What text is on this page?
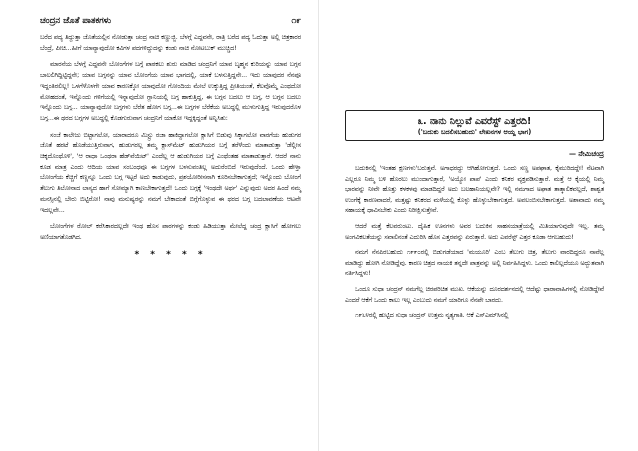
ಚಂದ್ರನ ಜೊತೆ ಪಾತಕಗಳು	೧೯

ಬರೆದ ಪದ್ಯ ತಿದ್ದುತ್ತಾ ಜೊತೆಯಲ್ಲಿನ ನೋಡುತ್ತಾ ಚಂದ್ರ ನಾಚಿ ಕಣ್ಣುಜ್ಜಿ. ಬೆಳಗ್ಗೆ ಎದ್ದವನೇ, ರಾತ್ರಿ ಬರೆದ ಪದ್ಯ ಓದುತ್ತಾ ಅಲ್ಲಿ ಚಿತ್ರಕಾರರ ಬೆಂದ್ರೆ, ಪೀಚಿ...ಹೀಗೆ ಯಾವ್ಯಾವುದೋ ಕವಿಗಳ ಪದಗಳಿದ್ದುದನ್ನು ಕಂಡು ನಾಚಿ ನೋಟಬುಕ್ ಮುಚ್ಚಿದ!

ಮಾರನೆಯ ಬೆಳಗ್ಗೆ ಎದ್ದವನೇ ಬೋಂಗೆಗಳ ಬಗ್ಗೆ ಪಾಠಕಲು ಶುರು ಮಾಡಿದ ಚಂದ್ರನಿಗೆ ಯಾವ ಬೃಹ್ಮನ ಕುರಿಯನ್ನು ಯಾವ ಬಗ್ಗನ ಬಾಲಲಿಗಿದ್ದಿಟ್ಟಿದ್ದನೇ; ಯಾವ ಬಗ್ಗನನ್ನು ಯಾವ ಬೋಂಗೆಯ ಯಾವ ಭಾಗದಲ್ಲಿ, ಯಾಕೆ ಬಳಸುತ್ತಿದ್ದನೇ... ಇದು ಯಾವುದರ ನೆನಪೂ ಇದ್ದಂತಿರಲಿಲ್ಲ! ಒಳಗೆಳೊಳಗೇ ಯಾವ ಕಾರಣಕ್ಕೋ ಯಾವುದೋ ಗೋಂದಿಯ ಮೇಲೆ ಉಕ್ಕುತ್ತಿದ್ದ ಪ್ರೀತಿಯಂತೆ, ಕೆಲವೊಮ್ಮೆ ಎಂಥದೋ ಮೋಹದಂತೆ, ಇನ್ನೊಂದು ಗಳಿಗೆಯಲ್ಲಿ ಇನ್ನಾವುದೋ ಗ್ಲಾನಿಯಲ್ಲಿ ಬಗ್ಗ ಹಾಕುತ್ತಿದ್ದ, ಈ ಬಗ್ಗನ ಬದಲು ಆ ಬಗ್ಗ, ಆ ಬಗ್ಗನ ಬದಲು ಇನ್ನೊಂದು ಬಗ್ಗ... ಯಾವ್ಯಾವುದೋ ಬಗ್ಗಗಳು ಬೆರೆತ ಹೋಗ ಬಗ್ಗ...ಈ ಬಗ್ಗಗಳ ಬೆರೆಕೆಯ ಅಬದ್ಧಲ್ಲಿ ಮುಳುಗುತ್ತಿದ್ದ ಇರುವುದರೊಳ ಬಗ್ಗ...ಈ ಥರದ ಬಗ್ಗಗಳ ಅಬದ್ಧಲ್ಲಿ ಕೊಡಗುರುವಾಗ ಚಂದ್ರನಿಗೆ ಯಾಕೋ ಇದ್ದಕ್ಕಿದ್ದಂತೆ ಅನ್ನಿಸಿತು:

ಸಂಜೆ ಕಾಲೇಜು ಬಿಟ್ಟಾಗಲೋ, ಯಾರಾದರೂ ಮಿಸ್ಟ್ರು ರಜಾ ಹಾಕಿದ್ದಾಗಲೋ ಕ್ಲಾಸಿಗೆ ಬಿಡುವು ಸಿಕ್ಕಾಗಲೋ ವಾರಗೆಯ ಹುಡುಗರ ಜೊತೆ ಹರಟೆ ಹೊಡೆಯುತ್ತಿರುವಾಗ, ಹುಡುಗರಲ್ಲ ತಮ್ಮ ಕ್ಲಾಸ್‌ಮೆಟ್ ಹುಡುಗಿಯರ ಬಗ್ಗೆ ತರೆಳೆಂದು ಮಾತಾಡುತ್ತಾ 'ಡೆಲ್ಲೀಸ ಚಿಕ್ಕದೊಂಥೊಳಿ', 'ಆ ರಾಧಾ ಒಂಥರಾ ಹೆಡ್‌ವೆಯಿಟ್' ಎಂದೆಲ್ಲ ಆ ಹುಡುಗಿಯರ ಬಗ್ಗೆ ಎಂಥೆಂತಹ ಮಾತಾಡುತ್ತಾರೆ. ಆದರೆ ನಾನು ಕೂಡ ಮಾತ್ರ ಎಂದು ಆದಿಯ ಯಾವ ಸಂಬಂಧವೂ ಈ ಬಗ್ಗಗಳ ಬಳಸುವಂತಿಲ್ಲ ಅದುರೆಂಬಿದೆ ಇರುವುದೆಂದೆ. ಒಂದು ಹೇಳ್ತಾ ಬೋಂಗೆಯ ಕೆಚ್ಚಿಗೆ ಕಣ್ಣನ್ನೂ ಒಂದು ಬಗ್ಗ ಇಟ್ಟರೆ ಅದು ಕಾಡುವುದು, ಪ್ರಶಯೋರೀಸನಾಗಿ ಕೂರಿಸಬೇಕಾಗುತ್ತದೆ; ಇನ್ನೊಂದು ಬೋಂಗೆ ತೆಲುಗು ತಿಲೋನಾದ ಲಾಸ್ಯದ ಹಾಗೆ ಸೋಮ್ಯಾಗಿ ಕಾಣಬೇಕಾಗುತ್ತದೆ! ಒಂದು ಬಗ್ಗಕ್ಕೆ 'ಇಂಥದೇ ಅರ್ಥ' ಎನ್ನುವುದು ಅದರ ಹಿಂದೆ ನಮ್ಮ ಮನಸ್ಸಿನಲ್ಲಿ ಬೇರು ಬಿಟ್ಟಿರೋ! ನಾವು ಮನುಷ್ಯರನ್ನು ನಮಗೆ ಬೇಕಾದಂತೆ ಬಿಗ್ಗೆಗೊಳ್ಳುವ ಈ ಥರದ ಬಗ್ಗ ಬದಲಾವಣೆಯ ಆಟವೇ ಇದಲ್ಲವೇ...

ಬೋಂಗೆಗಳ ರೋಲ್ ಕರೆಸಿಕಾರದಲ್ಲದೇ ಇಂಥ ಹೊಸ ಪಾಠಗಳನ್ನು ಕಂಡು ಹಿಡಿಯುತ್ತಾ ಮೇಲೆದ್ದ ಚಂದ್ರ ಕ್ಲಾಸಿಗೆ ಹೋಗಲು ಅಣಿಯಾಗತೊಡಗಿದ.

* * * * *
೩. ನಾನು ನಿಲ್ಲುವೆ ಎವರೆಸ್ಟ್ ಎತ್ತರದಿ!
('ಬದುಕು ಬದಲಿಸಬಹುದು' ಲೇಖನಗಳ ಆಯ್ದ ಭಾಗ)
— ನೇಮಿಚಂದ್ರ

ಬದುಕಿನಲ್ಲಿ 'ಇಂತಹ ಕ್ಷಣಗಳು'ಬರುತ್ತವೆ. ಅಗಾಧರದ್ದು ಆಗಿಹೋಗುತ್ತದೆ. ಒಂದು ಸಣ್ಣ ಅಪಘಾತ, ಕೈಮುರಿದದ್ದೇ! ನೆಟವಾಗಿ ಎಲ್ಲರೂ ನಿಮ್ಮ ಬಳಿ ಹೊರಲು ಮುಂದಾಗುತ್ತಾರೆ, 'ಅಯ್ಯೋ ಪಾಪ' ಎಂದು ಕನಿಕರ ವ್ಯಕ್ತಪಡಿಸುತ್ತಾರೆ. ಮತ್ತೆ ಆ ಕೈಯಲ್ಲಿ ನಿಮ್ಮ ಭಾರವನ್ನು ನೀವೇ ಹೊತ್ತು ಕಳಕಳವು ಮಾಡದಿದ್ದರೆ ಅದು ಬಲಹಾನಿಯಲ್ಲವೇ? ಇಲ್ಲಿ ನಮಗಾದ ಅಘಾತ ತಾತ್ಕಾಲಿಕವಲ್ಲದೆ, ಶಾಶ್ವತ ಉಂಗೆಕ್ಕೆ ಕಾರಣವಾದರೆ, ಮತ್ತಷ್ಟು ಕನಿಕರದ ಮಳೆಯಲ್ಲಿ ಕೊಳ್ಳು ಹೊಳ್ಳುಬೇಕಾಗುತ್ತದೆ. ಅವಲಂಬಿಸಬೇಕಾಗುತ್ತದೆ. ಅಶಾವಾದು ನಮ್ಮ ಸಹಾಯಕ್ಕೆ ಧಾವಿಸಬೇಕು ಎಂದು ನಿರೀಕ್ಷಿಸುತ್ತೇವೆ.

ಆದರೆ ಮತ್ತೆ ಕೆಲವರುಂಟು. ದೈಹಿಕ ಊನಗಳು ಅವರ ಬದುಕಿನ ಸಾಹಸಯಾತ್ರೆಯಲ್ಲಿ ಮಿತಿಯಾಗುವುದೇ ಇಲ್ಲ. ತಮ್ಮ ಅಂಗವಿಕಲತೆಯನ್ನು ಸವಾಲಿನಂತೆ ಎದುರಿಸಿ ಹೊಸ ಎತ್ತರವನ್ನು ಏರುತ್ತಾರೆ. ಅದು ಎವರೆಸ್ಟ್ ಎತ್ತರ ಕೂಡಾ ಆಗಬಹುದು!

ನಮಗೆ ನೆನಪಿರಬಹುದು ೧೯೯೦ರಲ್ಲಿ ಬಿಡುಗಡೆಯಾದ 'ಮಯೂರಿ' ಎಂಬ ತೆಲುಗು ಚಿತ್ರ, ತೆಲುಗು ವಾರದಿದ್ದರೂ ನಾವೆಲ್ಲ ಮಾಡಿದ್ದು ಹೋಗಿ ನೋಡಿದ್ದೆವು. ಕಾರಣ ಚಿತ್ರದ ನಾಯಕಿ ತನ್ನದೇ ಪಾತ್ರವನ್ನು ಅಲ್ಲಿ ನಿರ್ವಹಿಸಿದ್ದಳು. ಒಂದು ಕಾಲಿಲ್ಲದೆಯೂ ಅದ್ಭುತವಾಗಿ ನರ್ತಿಸಿದ್ದಳು!

ಒಂದೂ ಸುಧಾ ಚಂದ್ರನ್ ನಮಗೆಲ್ಲ ಚಿರಪರಿಚಿತ ಮುಖ. ಆಕೆಯನ್ನು ದೂರದರ್ಶನದಲ್ಲಿ ಆದೆಷ್ಟು ಧಾರಾವಾಹಿಗಳಲ್ಲಿ ನೋಡಿದ್ದೇವೆ ಎಂದರೆ ಆಕೆಗೆ ಒಂದು ಕಾಲು ಇಲ್ಲ ಎಂಬುದು ನಮಗೆ ಯಾರಿಗೂ ನೆನಪೇ ಬಾರದು.

೧೯೬೪ರಲ್ಲಿ ಹುಟ್ಟಿದ ಸುಧಾ ಚಂದ್ರನ್ ಉತ್ತಮ ನೃತ್ಯಗಾತಿ. ಆಕೆ ಎಸ್‌ಎಮ್‌ಸಿನಲ್ಲಿ
